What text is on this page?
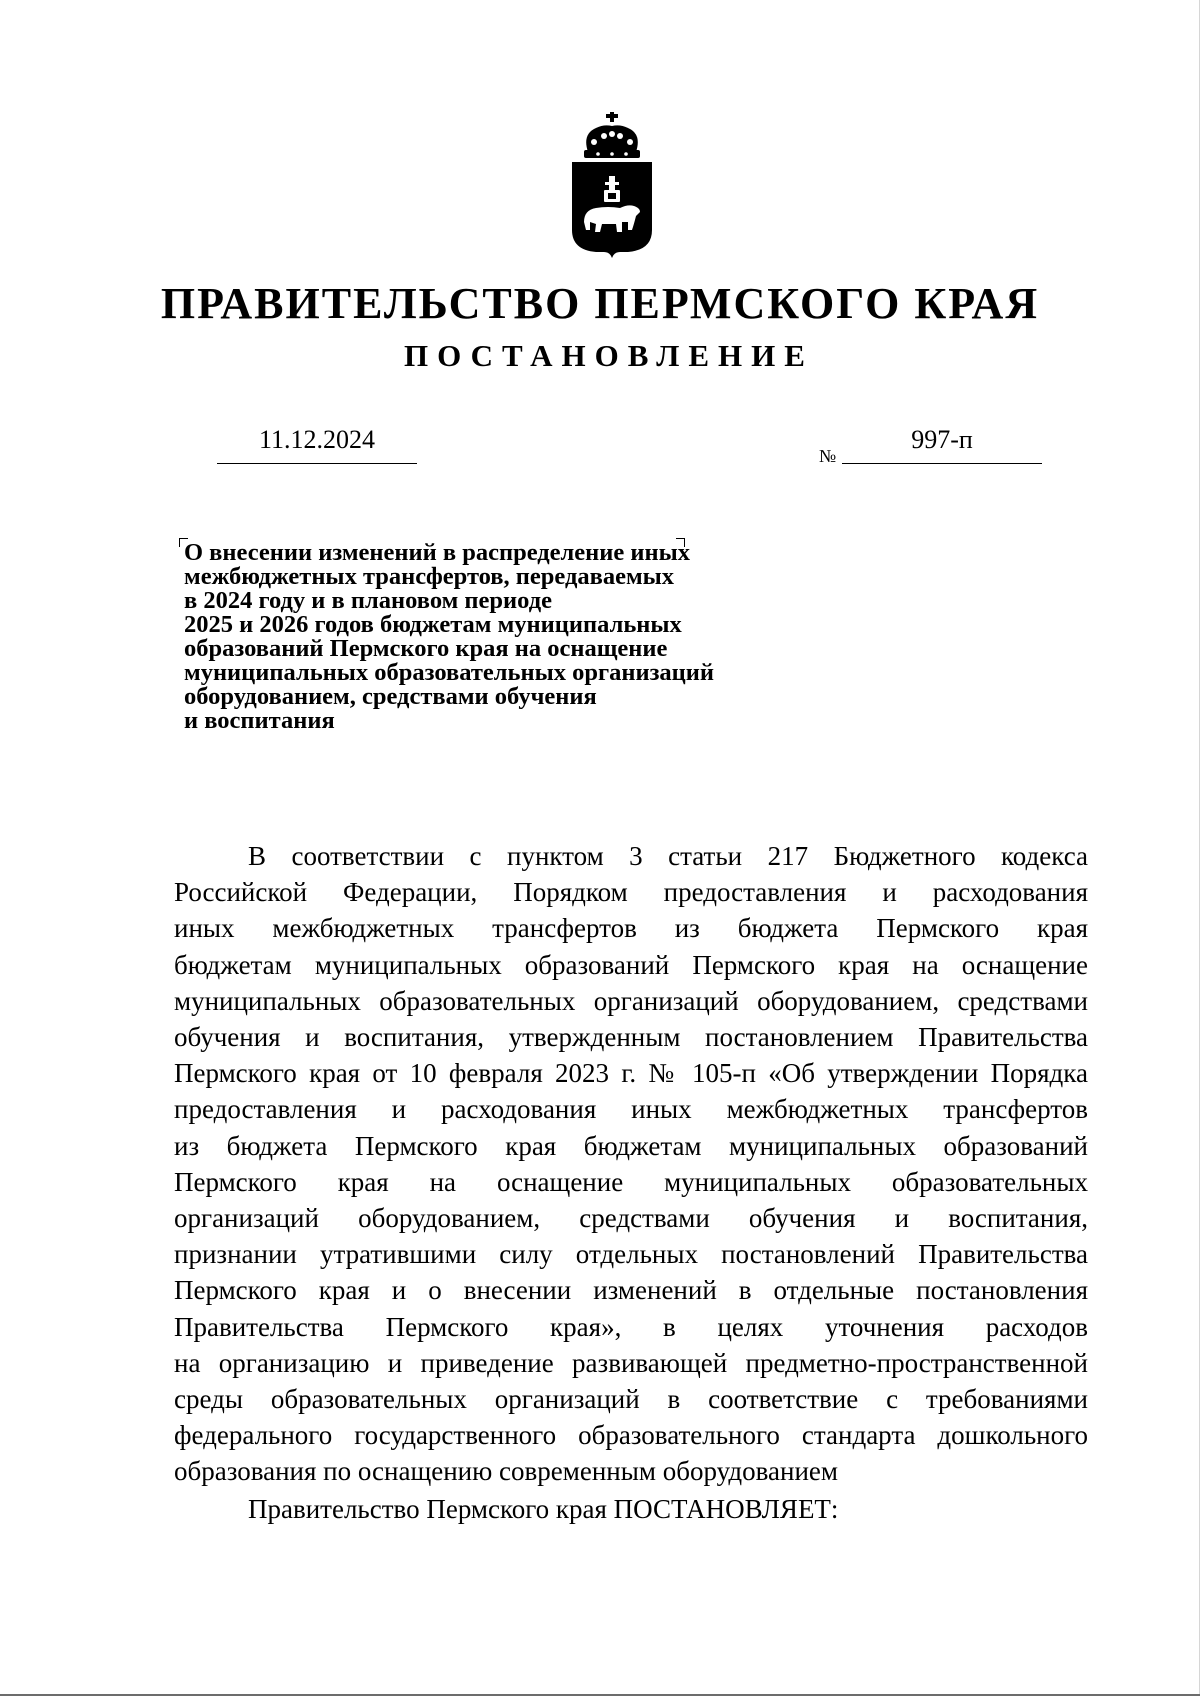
ПРАВИТЕЛЬСТВО ПЕРМСКОГО КРАЯ
ПОСТАНОВЛЕНИЕ
11.12.2024
№
997-п

О внесении изменений в распределение иных
межбюджетных трансфертов, передаваемых
в 2024 году и в плановом периоде
2025 и 2026 годов бюджетам муниципальных
образований Пермского края на оснащение
муниципальных образовательных организаций
оборудованием, средствами обучения
и воспитания

В соответствии с пунктом 3 статьи 217 Бюджетного кодекса
Российской Федерации, Порядком предоставления и расходования
иных межбюджетных трансфертов из бюджета Пермского края
бюджетам муниципальных образований Пермского края на оснащение
муниципальных образовательных организаций оборудованием, средствами
обучения и воспитания, утвержденным постановлением Правительства
Пермского края от 10 февраля 2023 г. № 105-п «Об утверждении Порядка
предоставления и расходования иных межбюджетных трансфертов
из бюджета Пермского края бюджетам муниципальных образований
Пермского края на оснащение муниципальных образовательных
организаций оборудованием, средствами обучения и воспитания,
признании утратившими силу отдельных постановлений Правительства
Пермского края и о внесении изменений в отдельные постановления
Правительства Пермского края», в целях уточнения расходов
на организацию и приведение развивающей предметно-пространственной
среды образовательных организаций в соответствие с требованиями
федерального государственного образовательного стандарта дошкольного
образования по оснащению современным оборудованием

Правительство Пермского края ПОСТАНОВЛЯЕТ:
